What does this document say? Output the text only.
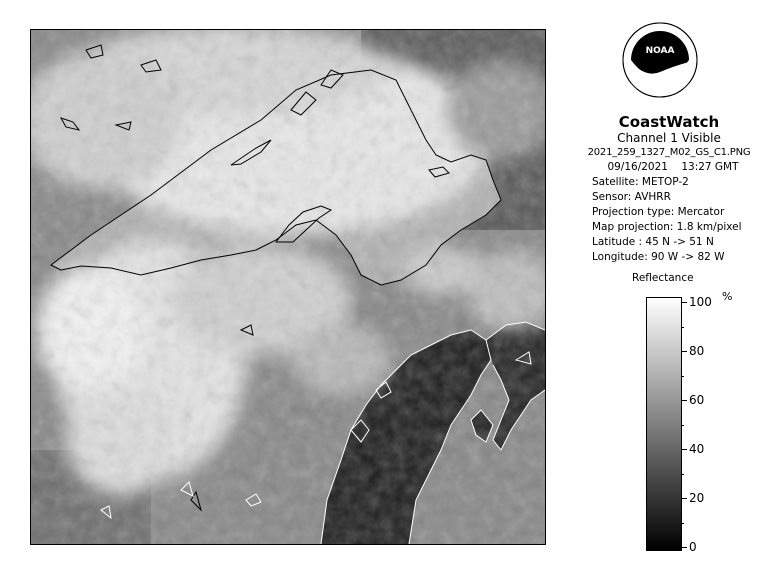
NOAA
CoastWatch
Channel 1 Visible
2021_259_1327_M02_GS_C1.PNG
09/16/2021 13:27 GMT
Satellite: METOP-2
Sensor: AVHRR
Projection type: Mercator
Map projection: 1.8 km/pixel
Latitude : 45 N -> 51 N
Longitude: 90 W -> 82 W
Reflectance
%
0
20
40
60
80
100
